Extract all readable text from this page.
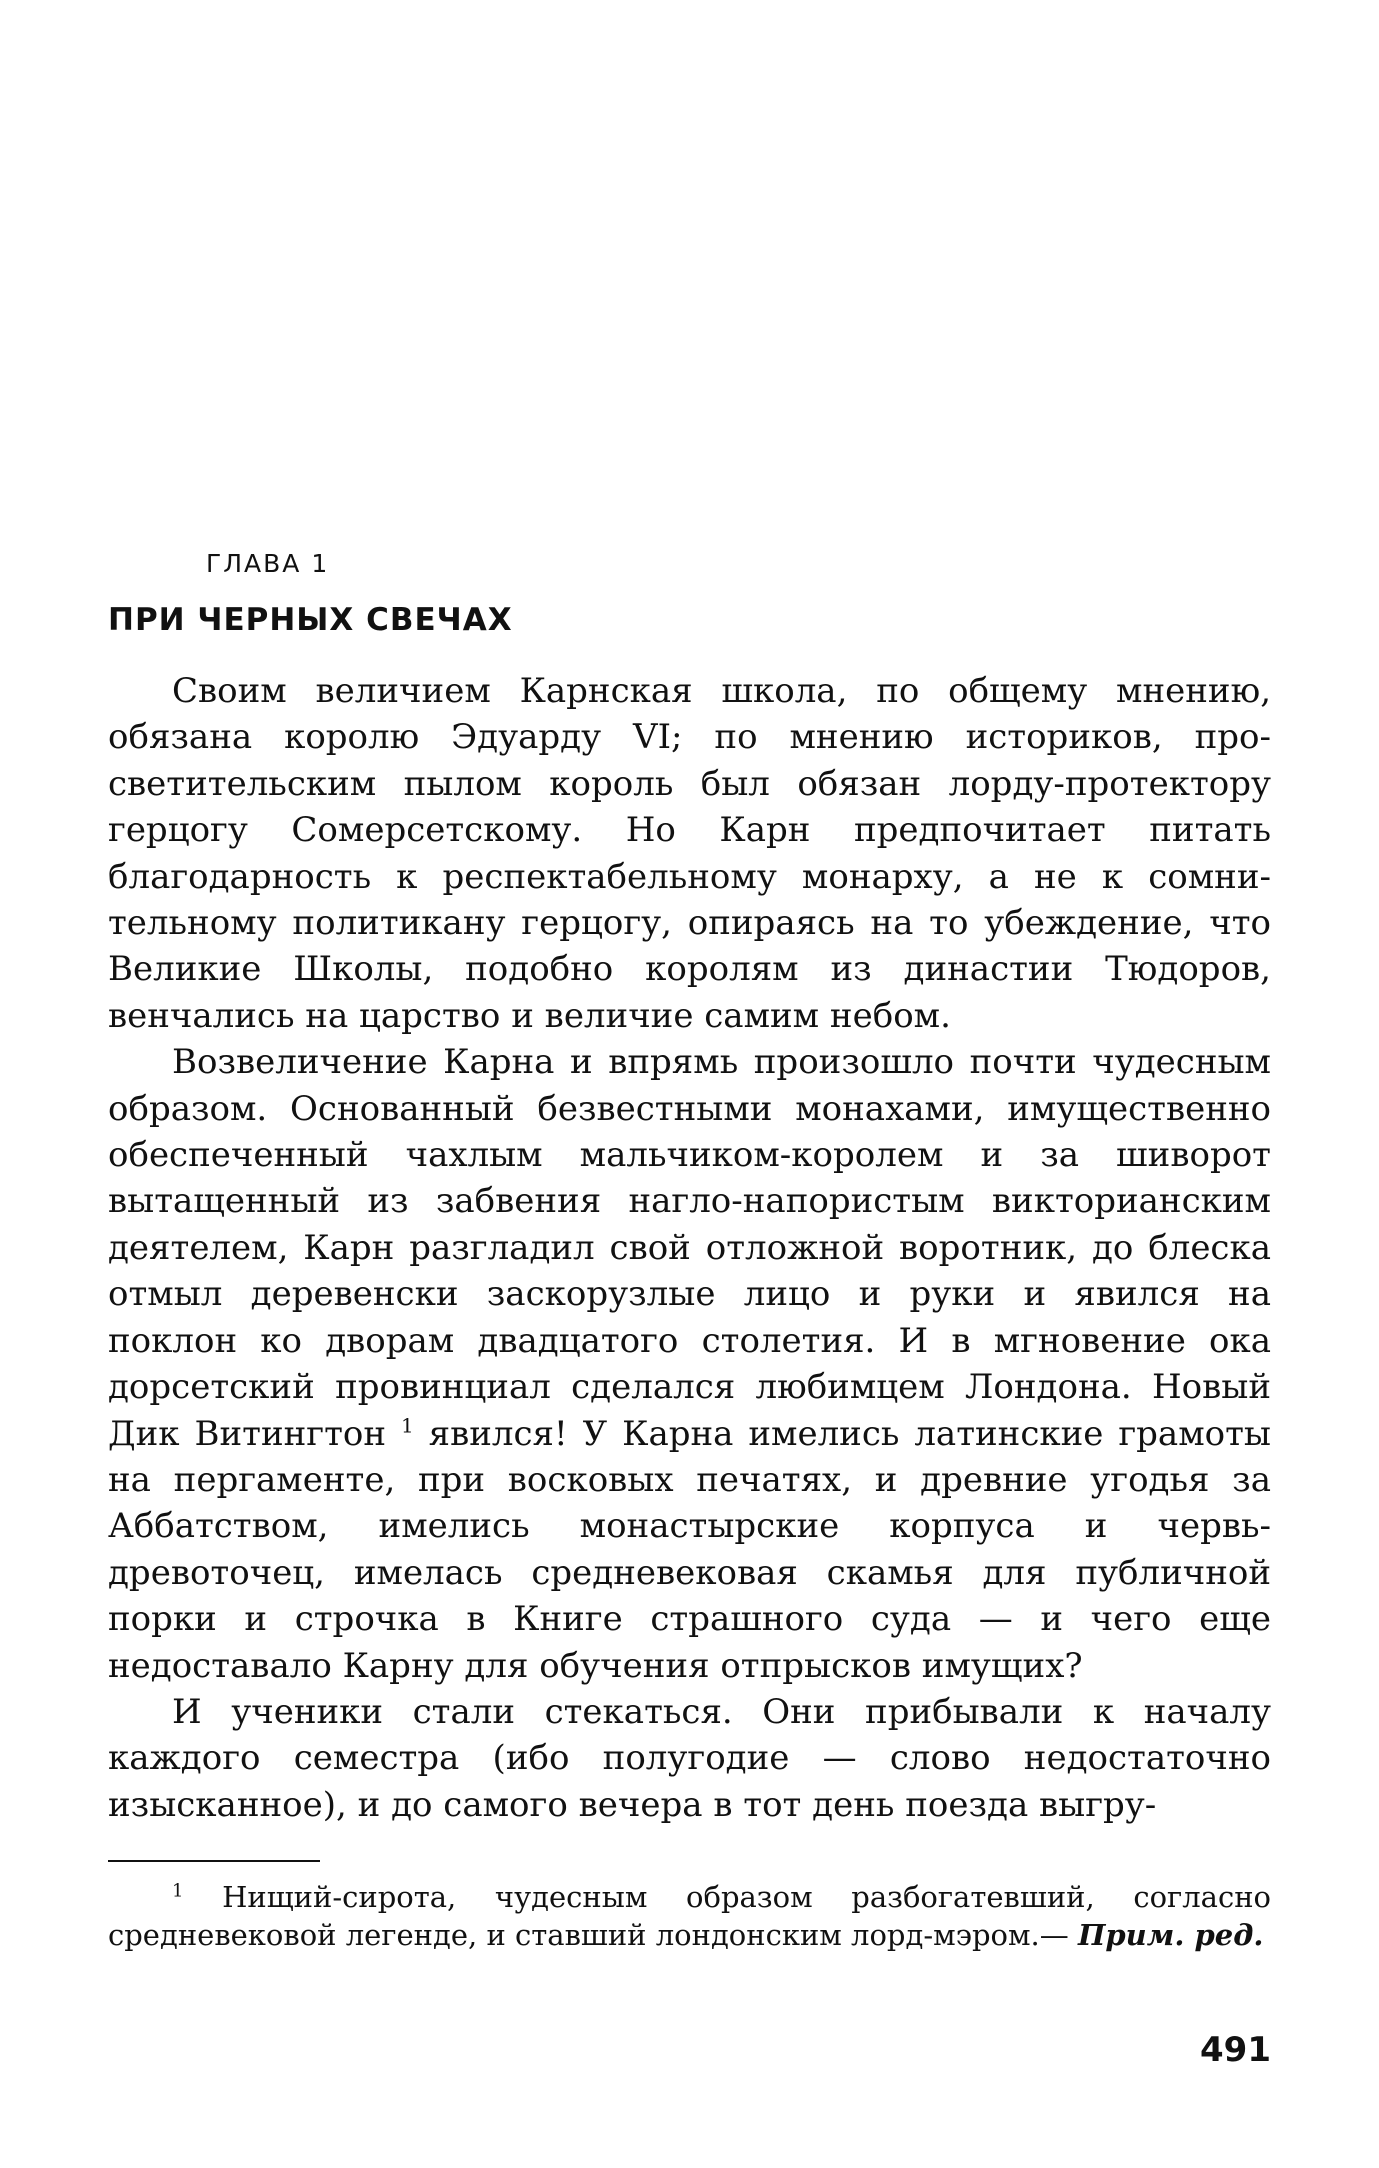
ГЛАВА 1
ПРИ ЧЕРНЫХ СВЕЧАХ

Своим величием Карнская школа, по общему мнению, обязана королю Эдуарду VI; по мнению историков, просветительским пылом король был обязан лорду-протектору герцогу Сомерсетскому. Но Карн предпочитает питать благодарность к респектабельному монарху, а не к сомнительному политикану герцогу, опираясь на то убеждение, что Великие Школы, подобно королям из династии Тюдоров, венчались на царство и величие самим небом.

Возвеличение Карна и впрямь произошло почти чудесным образом. Основанный безвестными монахами, имущественно обеспеченный чахлым мальчиком-королем и за шиворот вытащенный из забвения нагло-напористым викторианским деятелем, Карн разгладил свой отложной воротник, до блеска отмыл деревенски заскорузлые лицо и руки и явился на поклон ко дворам двадцатого столетия. И в мгновение ока дорсетский провинциал сделался любимцем Лондона. Новый Дик Витингтон $^1$ явился! У Карна имелись латинские грамоты на пергаменте, при восковых печатях, и древние угодья за Аббатством, имелись монастырские корпуса и червь-древоточец, имелась средневековая скамья для публичной порки и строчка в Книге страшного суда — и чего еще недоставало Карну для обучения отпрысков имущих?

И ученики стали стекаться. Они прибывали к началу каждого семестра (ибо полугодие — слово недостаточно изысканное), и до самого вечера в тот день поезда выгру-

$^1$ Нищий-сирота, чудесным образом разбогатевший, согласно средневековой легенде, и ставший лондонским лорд-мэром.— Прим. ред.
491
